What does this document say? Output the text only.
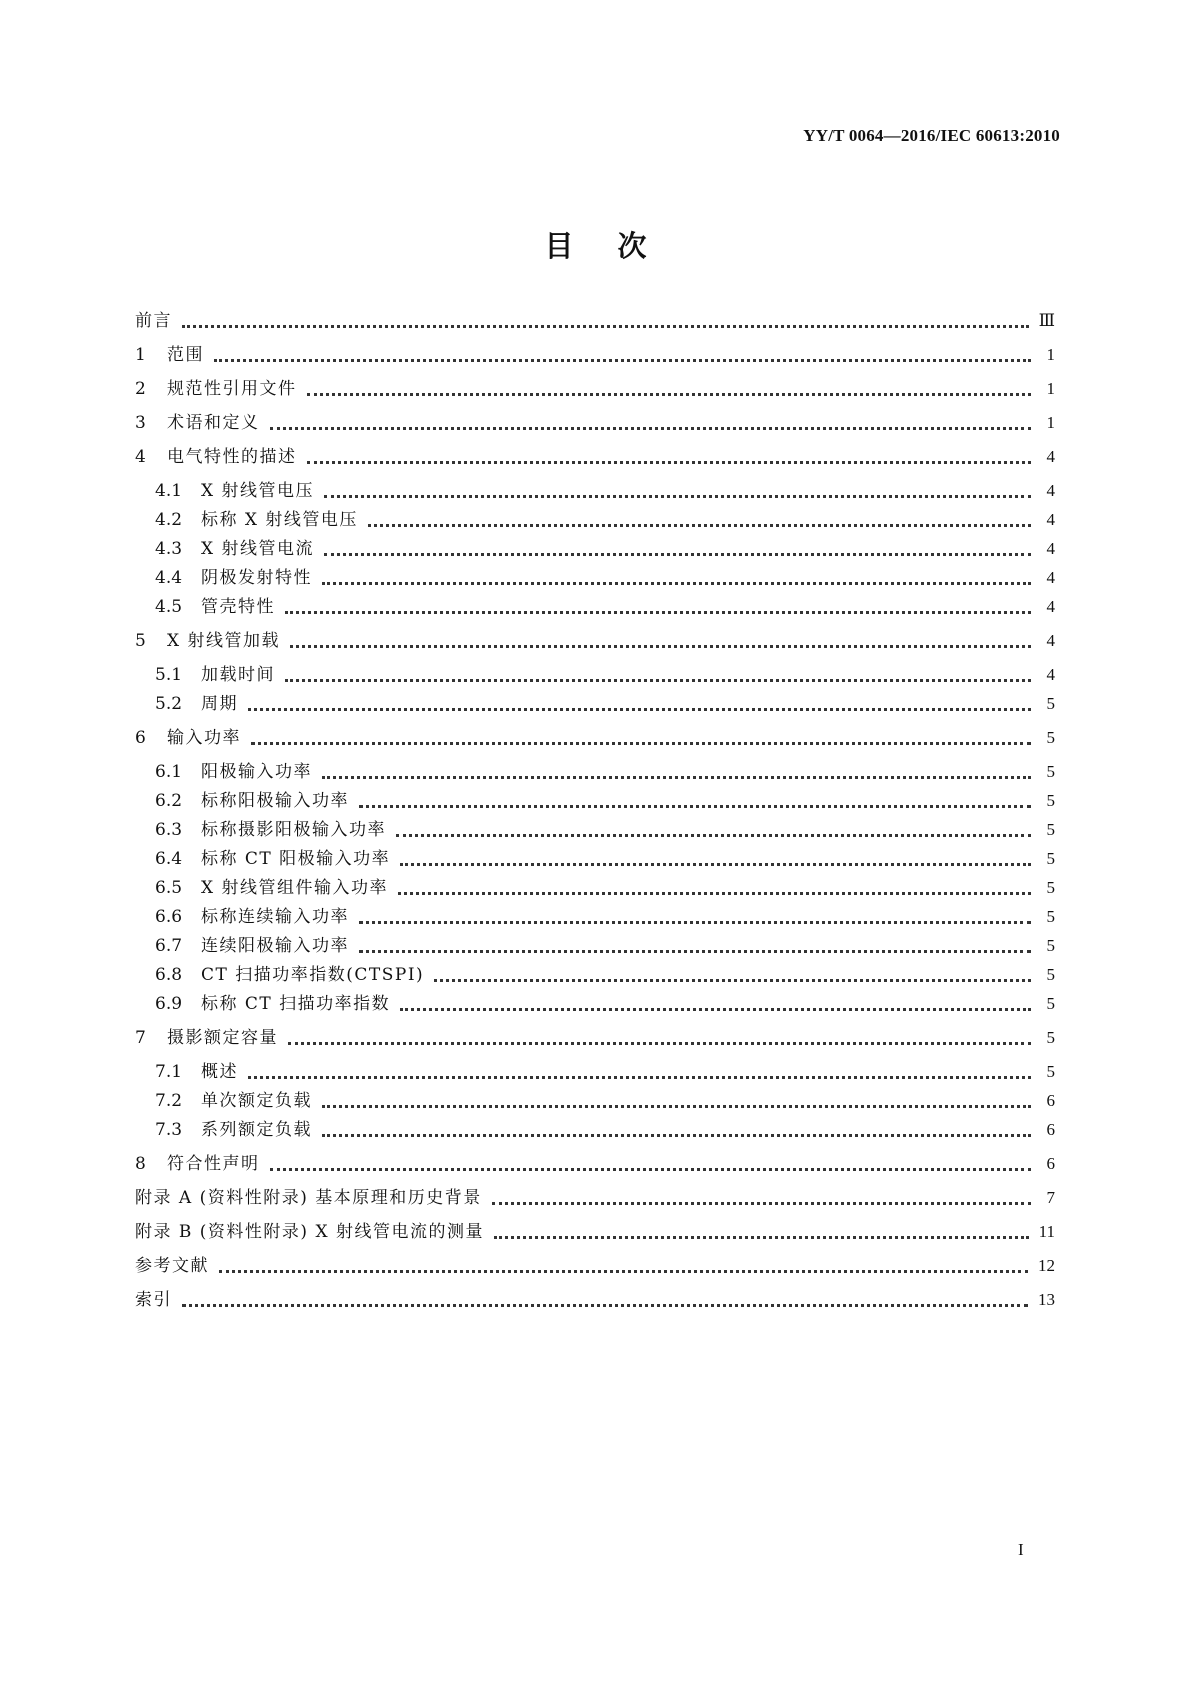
YY/T 0064—2016/IEC 60613:2010
目次
前言	Ⅲ
1	范围	1
2	规范性引用文件	1
3	术语和定义	1
4	电气特性的描述	4
4.1	X 射线管电压	4
4.2	标称 X 射线管电压	4
4.3	X 射线管电流	4
4.4	阴极发射特性	4
4.5	管壳特性	4
5	X 射线管加载	4
5.1	加载时间	4
5.2	周期	5
6	输入功率	5
6.1	阳极输入功率	5
6.2	标称阳极输入功率	5
6.3	标称摄影阳极输入功率	5
6.4	标称 CT 阳极输入功率	5
6.5	X 射线管组件输入功率	5
6.6	标称连续输入功率	5
6.7	连续阳极输入功率	5
6.8	CT 扫描功率指数(CTSPI)	5
6.9	标称 CT 扫描功率指数	5
7	摄影额定容量	5
7.1	概述	5
7.2	单次额定负载	6
7.3	系列额定负载	6
8	符合性声明	6
附录 A (资料性附录) 基本原理和历史背景	7
附录 B (资料性附录) X 射线管电流的测量	11
参考文献	12
索引	13
I
